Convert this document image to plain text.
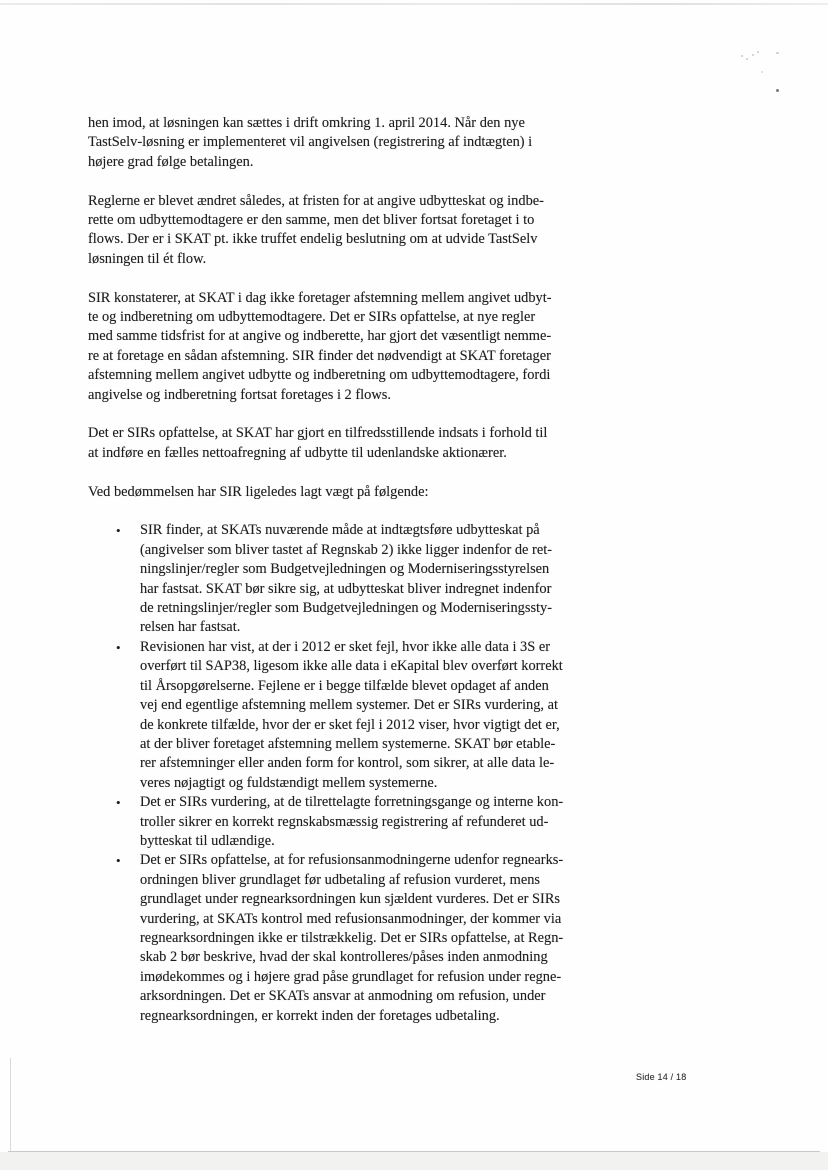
hen imod, at løsningen kan sættes i drift omkring 1. april 2014. Når den nye
TastSelv-løsning er implementeret vil angivelsen (registrering af indtægten) i
højere grad følge betalingen.
Reglerne er blevet ændret således, at fristen for at angive udbytteskat og indbe-
rette om udbyttemodtagere er den samme, men det bliver fortsat foretaget i to
flows. Der er i SKAT pt. ikke truffet endelig beslutning om at udvide TastSelv
løsningen til ét flow.
SIR konstaterer, at SKAT i dag ikke foretager afstemning mellem angivet udbyt-
te og indberetning om udbyttemodtagere. Det er SIRs opfattelse, at nye regler
med samme tidsfrist for at angive og indberette, har gjort det væsentligt nemme-
re at foretage en sådan afstemning. SIR finder det nødvendigt at SKAT foretager
afstemning mellem angivet udbytte og indberetning om udbyttemodtagere, fordi
angivelse og indberetning fortsat foretages i 2 flows.
Det er SIRs opfattelse, at SKAT har gjort en tilfredsstillende indsats i forhold til
at indføre en fælles nettoafregning af udbytte til udenlandske aktionærer.
Ved bedømmelsen har SIR ligeledes lagt vægt på følgende:
• SIR finder, at SKATs nuværende måde at indtægtsføre udbytteskat på
(angivelser som bliver tastet af Regnskab 2) ikke ligger indenfor de ret-
ningslinjer/regler som Budgetvejledningen og Moderniseringsstyrelsen
har fastsat. SKAT bør sikre sig, at udbytteskat bliver indregnet indenfor
de retningslinjer/regler som Budgetvejledningen og Moderniseringssty-
relsen har fastsat.
• Revisionen har vist, at der i 2012 er sket fejl, hvor ikke alle data i 3S er
overført til SAP38, ligesom ikke alle data i eKapital blev overført korrekt
til Årsopgørelserne. Fejlene er i begge tilfælde blevet opdaget af anden
vej end egentlige afstemning mellem systemer. Det er SIRs vurdering, at
de konkrete tilfælde, hvor der er sket fejl i 2012 viser, hvor vigtigt det er,
at der bliver foretaget afstemning mellem systemerne. SKAT bør etable-
rer afstemninger eller anden form for kontrol, som sikrer, at alle data le-
veres nøjagtigt og fuldstændigt mellem systemerne.
• Det er SIRs vurdering, at de tilrettelagte forretningsgange og interne kon-
troller sikrer en korrekt regnskabsmæssig registrering af refunderet ud-
bytteskat til udlændige.
• Det er SIRs opfattelse, at for refusionsanmodningerne udenfor regnearks-
ordningen bliver grundlaget før udbetaling af refusion vurderet, mens
grundlaget under regnearksordningen kun sjældent vurderes. Det er SIRs
vurdering, at SKATs kontrol med refusionsanmodninger, der kommer via
regnearksordningen ikke er tilstrækkelig. Det er SIRs opfattelse, at Regn-
skab 2 bør beskrive, hvad der skal kontrolleres/påses inden anmodning
imødekommes og i højere grad påse grundlaget for refusion under regne-
arksordningen. Det er SKATs ansvar at anmodning om refusion, under
regnearksordningen, er korrekt inden der foretages udbetaling.
Side 14 / 18
